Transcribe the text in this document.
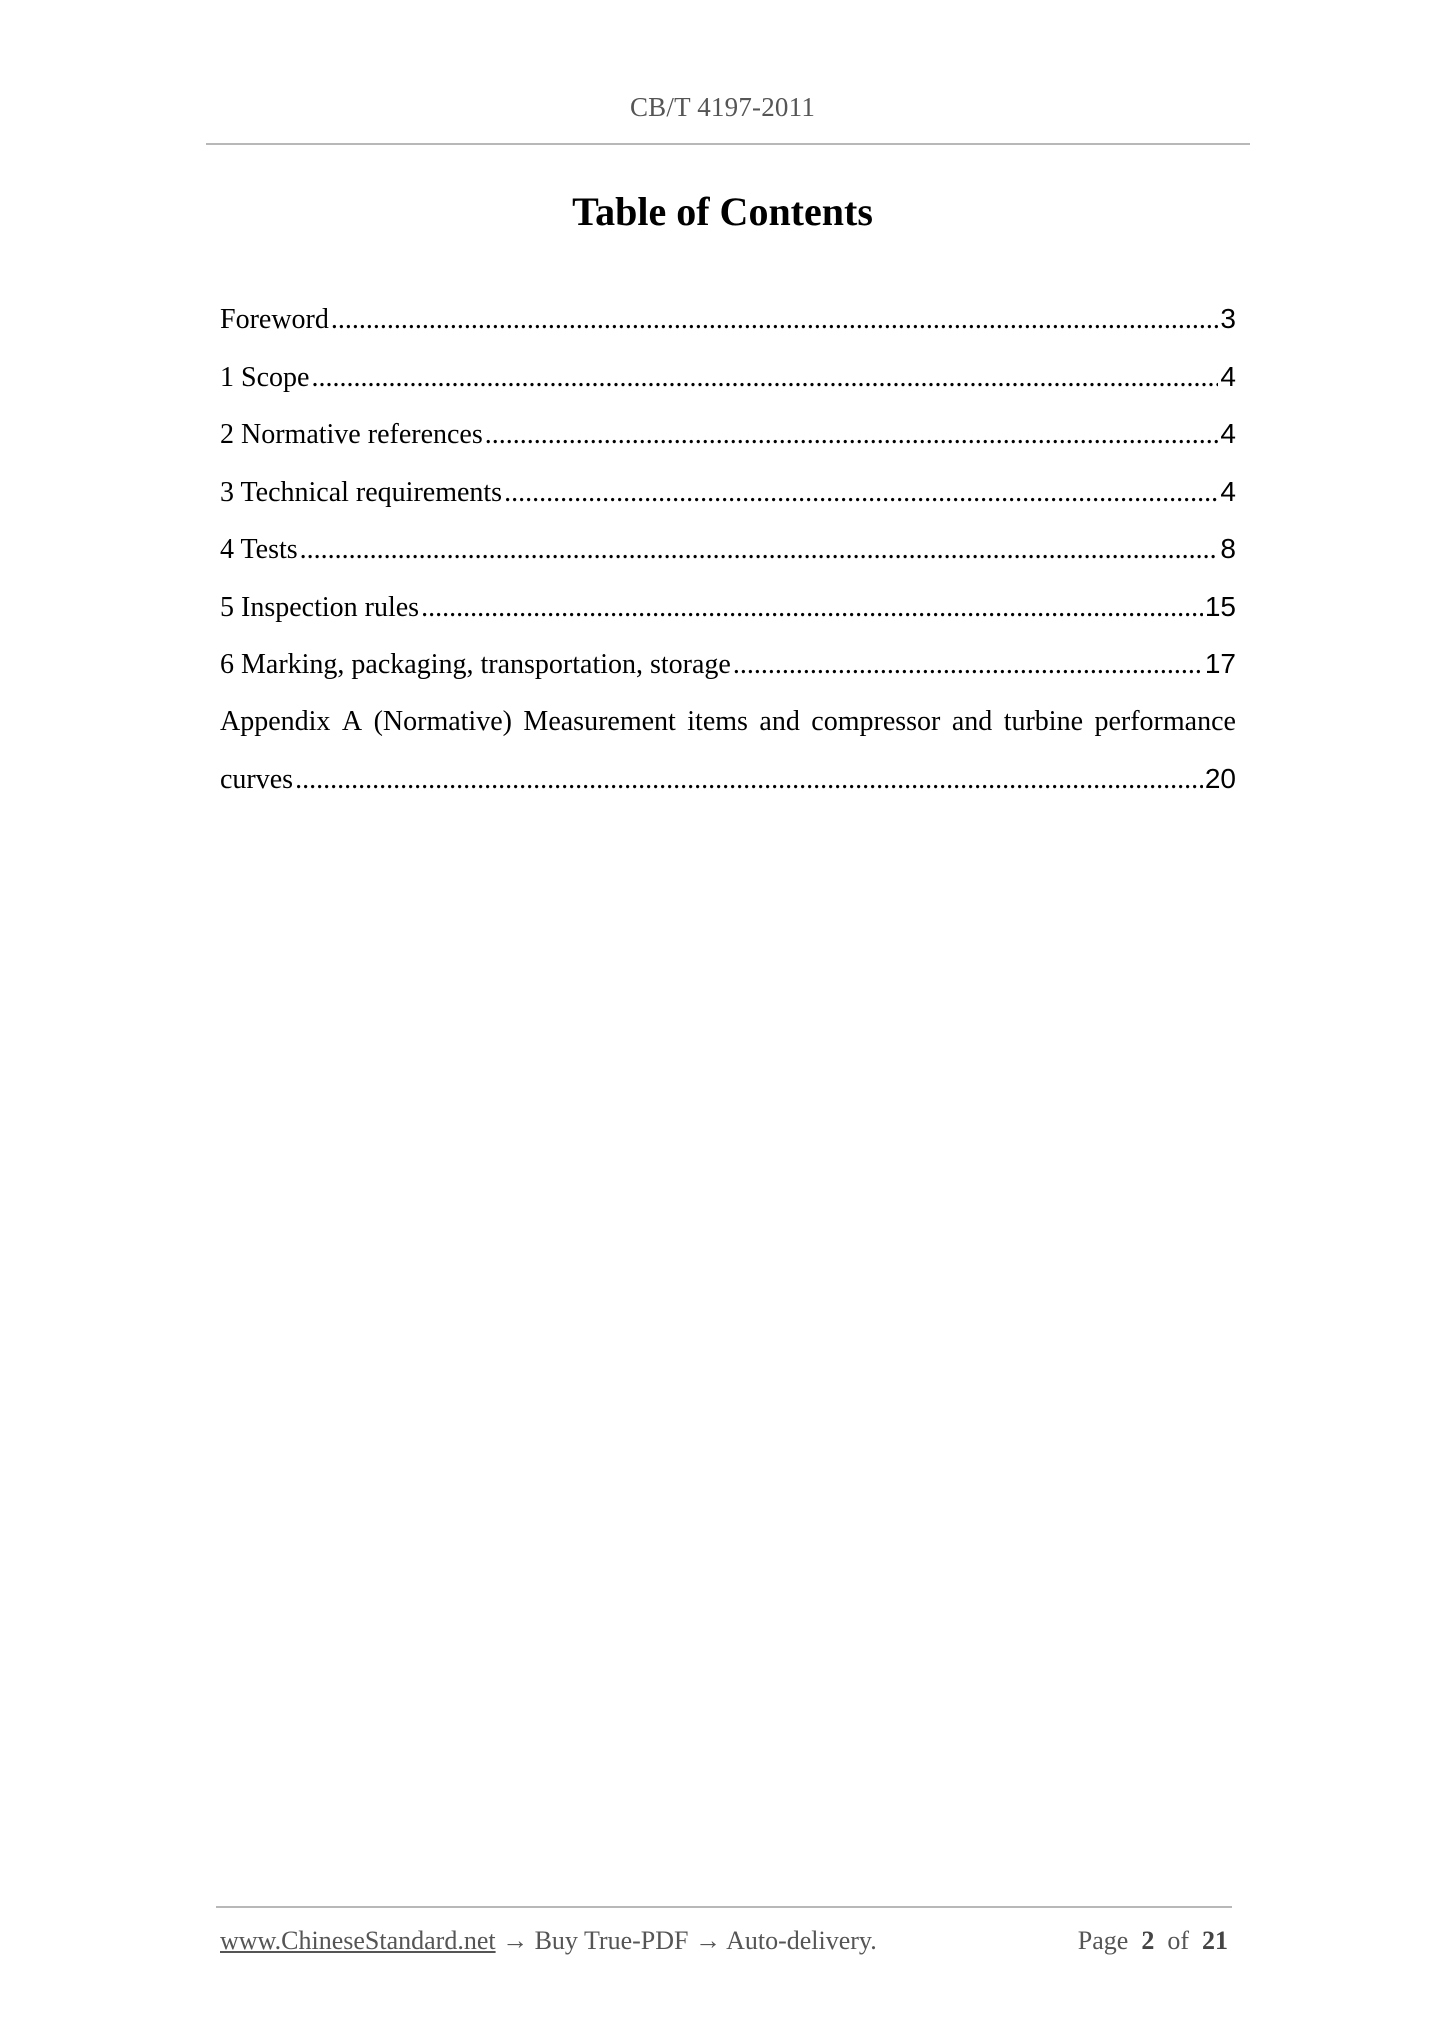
CB/T 4197-2011
Table of Contents
Foreword .....	3
1 Scope .....	4
2 Normative references .....	4
3 Technical requirements .....	4
4 Tests .....	8
5 Inspection rules .....	15
6 Marking, packaging, transportation, storage .....	17
Appendix A (Normative) Measurement items and compressor and turbine performance
curves .....	20
www.ChineseStandard.net → Buy True-PDF → Auto-delivery.	Page 2 of 21
